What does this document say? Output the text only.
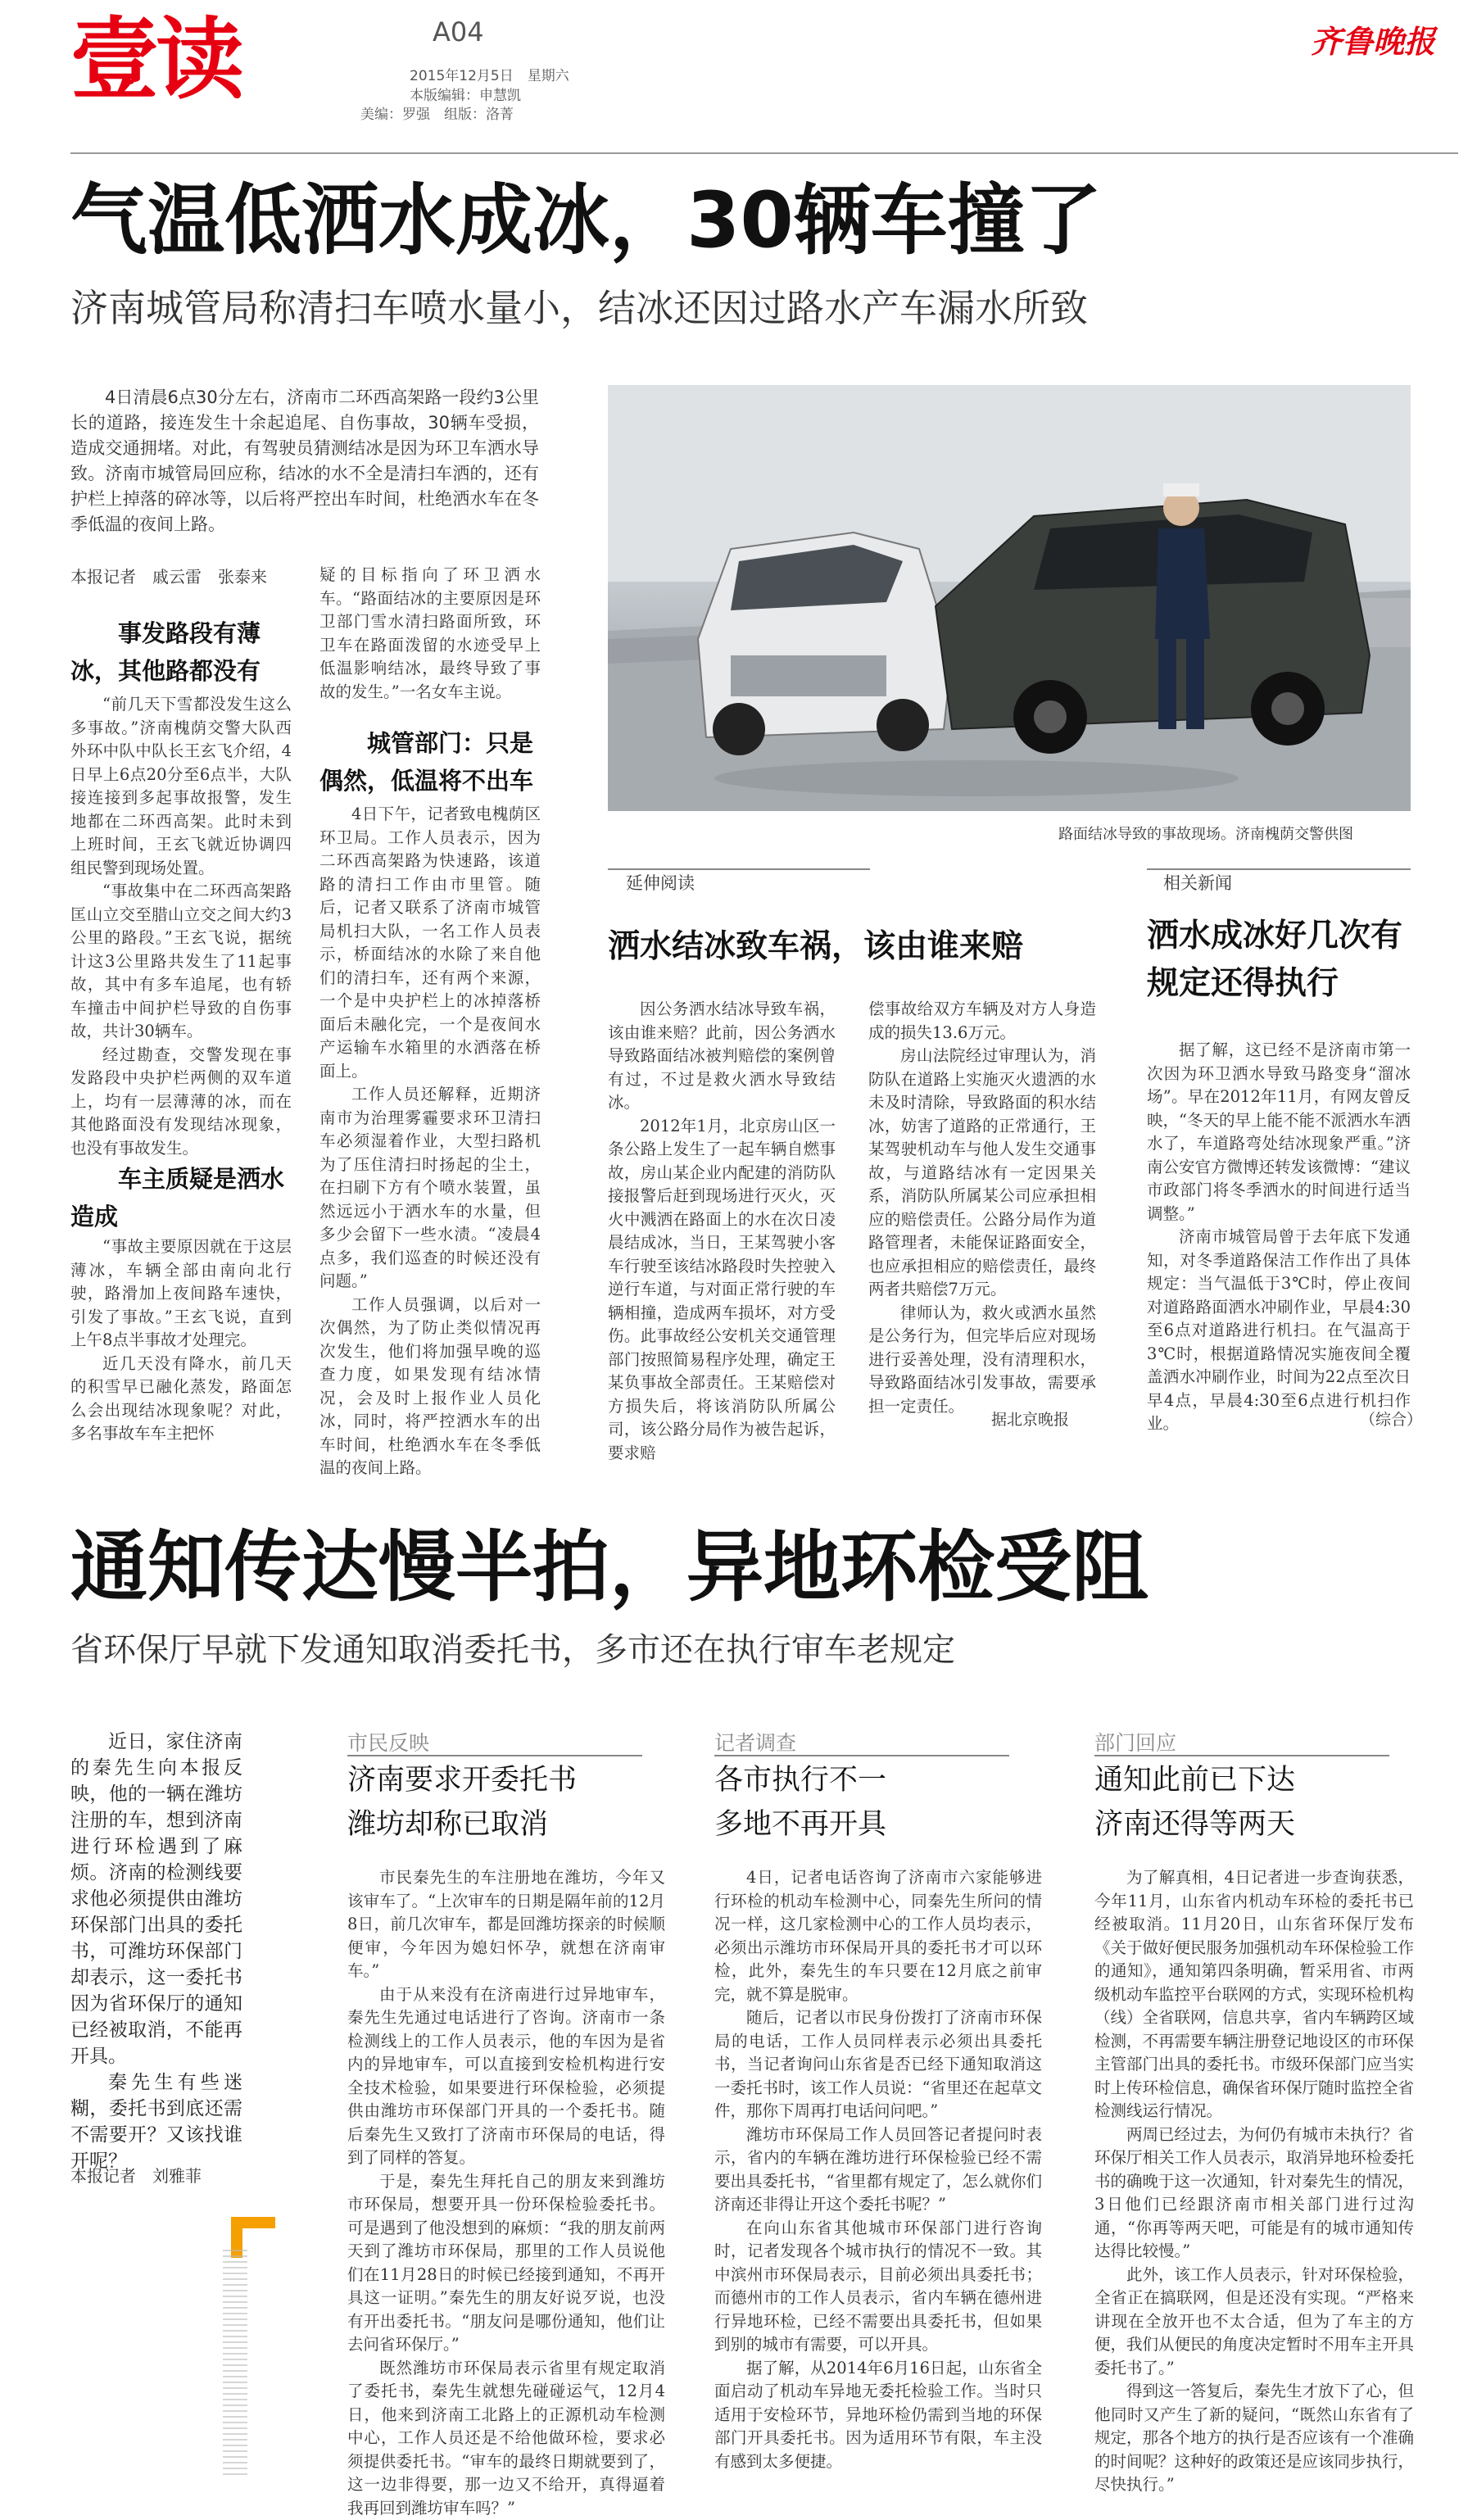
壹读	A04
2015年12月5日　星期六
本版编辑：申慧凯
美编：罗强　组版：洛菁
齐鲁晚报
气温低洒水成冰，30辆车撞了
济南城管局称清扫车喷水量小，结冰还因过路水产车漏水所致
4日清晨6点30分左右，济南市二环西高架路一段约3公里长的道路，接连发生十余起追尾、自伤事故，30辆车受损，造成交通拥堵。对此，有驾驶员猜测结冰是因为环卫车洒水导致。济南市城管局回应称，结冰的水不全是清扫车洒的，还有护栏上掉落的碎冰等，以后将严控出车时间，杜绝洒水车在冬季低温的夜间上路。
本报记者　戚云雷　张泰来
事发路段有薄冰，其他路都没有

“前几天下雪都没发生这么多事故。”济南槐荫交警大队西外环中队中队长王玄飞介绍，4日早上6点20分至6点半，大队接连接到多起事故报警，发生地都在二环西高架。此时未到上班时间，王玄飞就近协调四组民警到现场处置。

“事故集中在二环西高架路匡山立交至腊山立交之间大约3公里的路段。”王玄飞说，据统计这3公里路共发生了11起事故，其中有多车追尾，也有轿车撞击中间护栏导致的自伤事故，共计30辆车。

经过勘查，交警发现在事发路段中央护栏两侧的双车道上，均有一层薄薄的冰，而在其他路面没有发现结冰现象，也没有事故发生。

车主质疑是洒水造成

“事故主要原因就在于这层薄冰，车辆全部由南向北行驶，路滑加上夜间路车速快，引发了事故。”王玄飞说，直到上午8点半事故才处理完。

近几天没有降水，前几天的积雪早已融化蒸发，路面怎么会出现结冰现象呢？对此，多名事故车车主把怀

疑的目标指向了环卫洒水车。“路面结冰的主要原因是环卫部门雪水清扫路面所致，环卫车在路面泼留的水迹受早上低温影响结冰，最终导致了事故的发生。”一名女车主说。

城管部门：只是偶然，低温将不出车

4日下午，记者致电槐荫区环卫局。工作人员表示，因为二环西高架路为快速路，该道路的清扫工作由市里管。随后，记者又联系了济南市城管局机扫大队，一名工作人员表示，桥面结冰的水除了来自他们的清扫车，还有两个来源，一个是中央护栏上的冰掉落桥面后未融化完，一个是夜间水产运输车水箱里的水洒落在桥面上。

工作人员还解释，近期济南市为治理雾霾要求环卫清扫车必须湿着作业，大型扫路机为了压住清扫时扬起的尘土，在扫刷下方有个喷水装置，虽然远远小于洒水车的水量，但多少会留下一些水渍。“凌晨4点多，我们巡查的时候还没有问题。”

工作人员强调，以后对一次偶然，为了防止类似情况再次发生，他们将加强早晚的巡查力度，如果发现有结冰情况，会及时上报作业人员化冰，同时，将严控洒水车的出车时间，杜绝洒水车在冬季低温的夜间上路。

路面结冰导致的事故现场。济南槐荫交警供图
延伸阅读
洒水结冰致车祸，该由谁来赔

因公务洒水结冰导致车祸，该由谁来赔？此前，因公务洒水导致路面结冰被判赔偿的案例曾有过，不过是救火洒水导致结冰。

2012年1月，北京房山区一条公路上发生了一起车辆自燃事故，房山某企业内配建的消防队接报警后赶到现场进行灭火，灭火中溅洒在路面上的水在次日凌晨结成冰，当日，王某驾驶小客车行驶至该结冰路段时失控驶入逆行车道，与对面正常行驶的车辆相撞，造成两车损坏，对方受伤。此事故经公安机关交通管理部门按照简易程序处理，确定王某负事故全部责任。王某赔偿对方损失后，将该消防队所属公司，该公路分局作为被告起诉，要求赔

偿事故给双方车辆及对方人身造成的损失13.6万元。

房山法院经过审理认为，消防队在道路上实施灭火遗洒的水未及时清除，导致路面的积水结冰，妨害了道路的正常通行，王某驾驶机动车与他人发生交通事故，与道路结冰有一定因果关系，消防队所属某公司应承担相应的赔偿责任。公路分局作为道路管理者，未能保证路面安全，也应承担相应的赔偿责任，最终两者共赔偿7万元。

律师认为，救火或洒水虽然是公务行为，但完毕后应对现场进行妥善处理，没有清理积水，导致路面结冰引发事故，需要承担一定责任。

据北京晚报
相关新闻
洒水成冰好几次有规定还得执行

据了解，这已经不是济南市第一次因为环卫洒水导致马路变身“溜冰场”。早在2012年11月，有网友曾反映，“冬天的早上能不能不派洒水车洒水了，车道路弯处结冰现象严重。”济南公安官方微博还转发该微博：“建议市政部门将冬季洒水的时间进行适当调整。”

济南市城管局曾于去年底下发通知，对冬季道路保洁工作作出了具体规定：当气温低于3℃时，停止夜间对道路路面洒水冲刷作业，早晨4:30至6点对道路进行机扫。在气温高于3℃时，根据道路情况实施夜间全覆盖洒水冲刷作业，时间为22点至次日早4点，早晨4:30至6点进行机扫作业。	（综合）
通知传达慢半拍，异地环检受阻
省环保厅早就下发通知取消委托书，多市还在执行审车老规定

近日，家住济南的秦先生向本报反映，他的一辆在潍坊注册的车，想到济南进行环检遇到了麻烦。济南的检测线要求他必须提供由潍坊环保部门出具的委托书，可潍坊环保部门却表示，这一委托书因为省环保厅的通知已经被取消，不能再开具。

秦先生有些迷糊，委托书到底还需不需要开？又该找谁开呢？

本报记者　刘雅菲
市民反映
济南要求开委托书
潍坊却称已取消

市民秦先生的车注册地在潍坊，今年又该审车了。“上次审车的日期是隔年前的12月8日，前几次审车，都是回潍坊探亲的时候顺便审，今年因为媳妇怀孕，就想在济南审车。”

由于从来没有在济南进行过异地审车，秦先生先通过电话进行了咨询。济南市一条检测线上的工作人员表示，他的车因为是省内的异地审车，可以直接到安检机构进行安全技术检验，如果要进行环保检验，必须提供由潍坊市环保部门开具的一个委托书。随后秦先生又致打了济南市环保局的电话，得到了同样的答复。

于是，秦先生拜托自己的朋友来到潍坊市环保局，想要开具一份环保检验委托书。可是遇到了他没想到的麻烦：“我的朋友前两天到了潍坊市环保局，那里的工作人员说他们在11月28日的时候已经接到通知，不再开具这一证明。”秦先生的朋友好说歹说，也没有开出委托书。“朋友问是哪份通知，他们让去问省环保厅。”

既然潍坊市环保局表示省里有规定取消了委托书，秦先生就想先碰碰运气，12月4日，他来到济南工北路上的正源机动车检测中心，工作人员还是不给他做环检，要求必须提供委托书。“审车的最终日期就要到了，这一边非得要，那一边又不给开，真得逼着我再回到潍坊审车吗？”

记者调查
各市执行不一
多地不再开具

4日，记者电话咨询了济南市六家能够进行环检的机动车检测中心，同秦先生所问的情况一样，这几家检测中心的工作人员均表示，必须出示潍坊市环保局开具的委托书才可以环检，此外，秦先生的车只要在12月底之前审完，就不算是脱审。

随后，记者以市民身份拨打了济南市环保局的电话，工作人员同样表示必须出具委托书，当记者询问山东省是否已经下通知取消这一委托书时，该工作人员说：“省里还在起草文件，那你下周再打电话问问吧。”

潍坊市环保局工作人员回答记者提问时表示，省内的车辆在潍坊进行环保检验已经不需要出具委托书，“省里都有规定了，怎么就你们济南还非得让开这个委托书呢？”

在向山东省其他城市环保部门进行咨询时，记者发现各个城市执行的情况不一致。其中滨州市环保局表示，目前必须出具委托书；而德州市的工作人员表示，省内车辆在德州进行异地环检，已经不需要出具委托书，但如果到别的城市有需要，可以开具。

据了解，从2014年6月16日起，山东省全面启动了机动车异地无委托检验工作。当时只适用于安检环节，异地环检仍需到当地的环保部门开具委托书。因为适用环节有限，车主没有感到太多便捷。

部门回应
通知此前已下达
济南还得等两天

为了解真相，4日记者进一步查询获悉，今年11月，山东省内机动车环检的委托书已经被取消。11月20日，山东省环保厅发布《关于做好便民服务加强机动车环保检验工作的通知》，通知第四条明确，暂采用省、市两级机动车监控平台联网的方式，实现环检机构（线）全省联网，信息共享，省内车辆跨区域检测，不再需要车辆注册登记地设区的市环保主管部门出具的委托书。市级环保部门应当实时上传环检信息，确保省环保厅随时监控全省检测线运行情况。

两周已经过去，为何仍有城市未执行？省环保厅相关工作人员表示，取消异地环检委托书的确晚于这一次通知，针对秦先生的情况，3日他们已经跟济南市相关部门进行过沟通，“你再等两天吧，可能是有的城市通知传达得比较慢。”

此外，该工作人员表示，针对环保检验，全省正在搞联网，但是还没有实现。“严格来讲现在全放开也不太合适，但为了车主的方便，我们从便民的角度决定暂时不用车主开具委托书了。”

得到这一答复后，秦先生才放下了心，但他同时又产生了新的疑问，“既然山东省有了规定，那各个地方的执行是否应该有一个准确的时间呢？这种好的政策还是应该同步执行，尽快执行。”
